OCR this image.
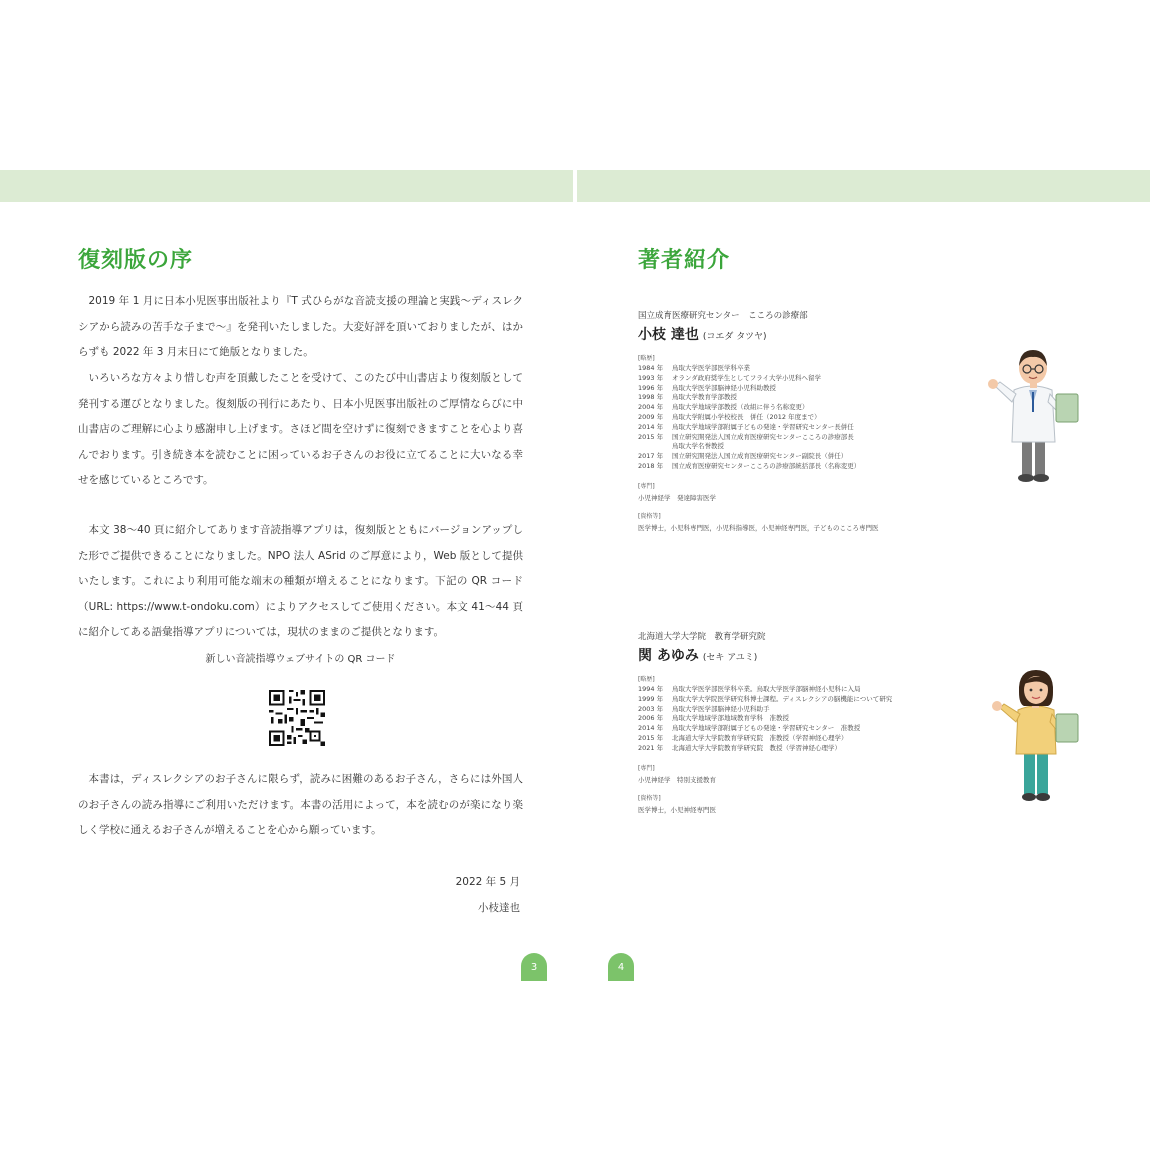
復刻版の序

2019 年 1 月に日本小児医事出版社より『T 式ひらがな音読支援の理論と実践〜ディスレクシアから読みの苦手な子まで〜』を発刊いたしました。大変好評を頂いておりましたが、はからずも 2022 年 3 月末日にて絶版となりました。

いろいろな方々より惜しむ声を頂戴したことを受けて、このたび中山書店より復刻版として発刊する運びとなりました。復刻版の刊行にあたり、日本小児医事出版社のご厚情ならびに中山書店のご理解に心より感謝申し上げます。さほど間を空けずに復刻できますことを心より喜んでおります。引き続き本を読むことに困っているお子さんのお役に立てることに大いなる幸せを感じているところです。

本文 38〜40 頁に紹介してあります音読指導アプリは，復刻版とともにバージョンアップした形でご提供できることになりました。NPO 法人 ASrid のご厚意により，Web 版として提供いたします。これにより利用可能な端末の種類が増えることになります。下記の QR コード（URL: https://www.t-ondoku.com）によりアクセスしてご使用ください。本文 41〜44 頁に紹介してある語彙指導アプリについては，現状のままのご提供となります。

新しい音読指導ウェブサイトの QR コード

本書は，ディスレクシアのお子さんに限らず，読みに困難のあるお子さん，さらには外国人のお子さんの読み指導にご利用いただけます。本書の活用によって，本を読むのが楽になり楽しく学校に通えるお子さんが増えることを心から願っています。

2022 年 5 月
小枝達也
3
著者紹介
国立成育医療研究センター　こころの診療部
小枝 達也 (コエダ タツヤ)
[略歴]
1984 年 鳥取大学医学部医学科卒業
1993 年 オランダ政府奨学生としてフライ大学小児科へ留学
1996 年 鳥取大学医学部脳神経小児科助教授
1998 年 鳥取大学教育学部教授
2004 年 鳥取大学地域学部教授（改組に伴う名称変更）
2009 年 鳥取大学附属小学校校長　併任（2012 年度まで）
2014 年 鳥取大学地域学部附属子どもの発達・学習研究センター長併任
2015 年 国立研究開発法人国立成育医療研究センターこころの診療部長
鳥取大学名誉教授
2017 年 国立研究開発法人国立成育医療研究センター副院長（併任）
2018 年 国立成育医療研究センターこころの診療部統括部長（名称変更）
[専門]
小児神経学　発達障害医学
[資格等]
医学博士，小児科専門医，小児科指導医，小児神経専門医，子どものこころ専門医
北海道大学大学院　教育学研究院
関 あゆみ (セキ アユミ)
[略歴]
1994 年 鳥取大学医学部医学科卒業。鳥取大学医学部脳神経小児科に入局
1999 年 鳥取大学大学院医学研究科博士課程。ディスレクシアの脳機能について研究
2003 年 鳥取大学医学部脳神経小児科助手
2006 年 鳥取大学地域学部地域教育学科　准教授
2014 年 鳥取大学地域学部附属子どもの発達・学習研究センター　准教授
2015 年 北海道大学大学院教育学研究院　准教授（学習神経心理学）
2021 年 北海道大学大学院教育学研究院　教授（学習神経心理学）
[専門]
小児神経学　特別支援教育
[資格等]
医学博士，小児神経専門医
4
